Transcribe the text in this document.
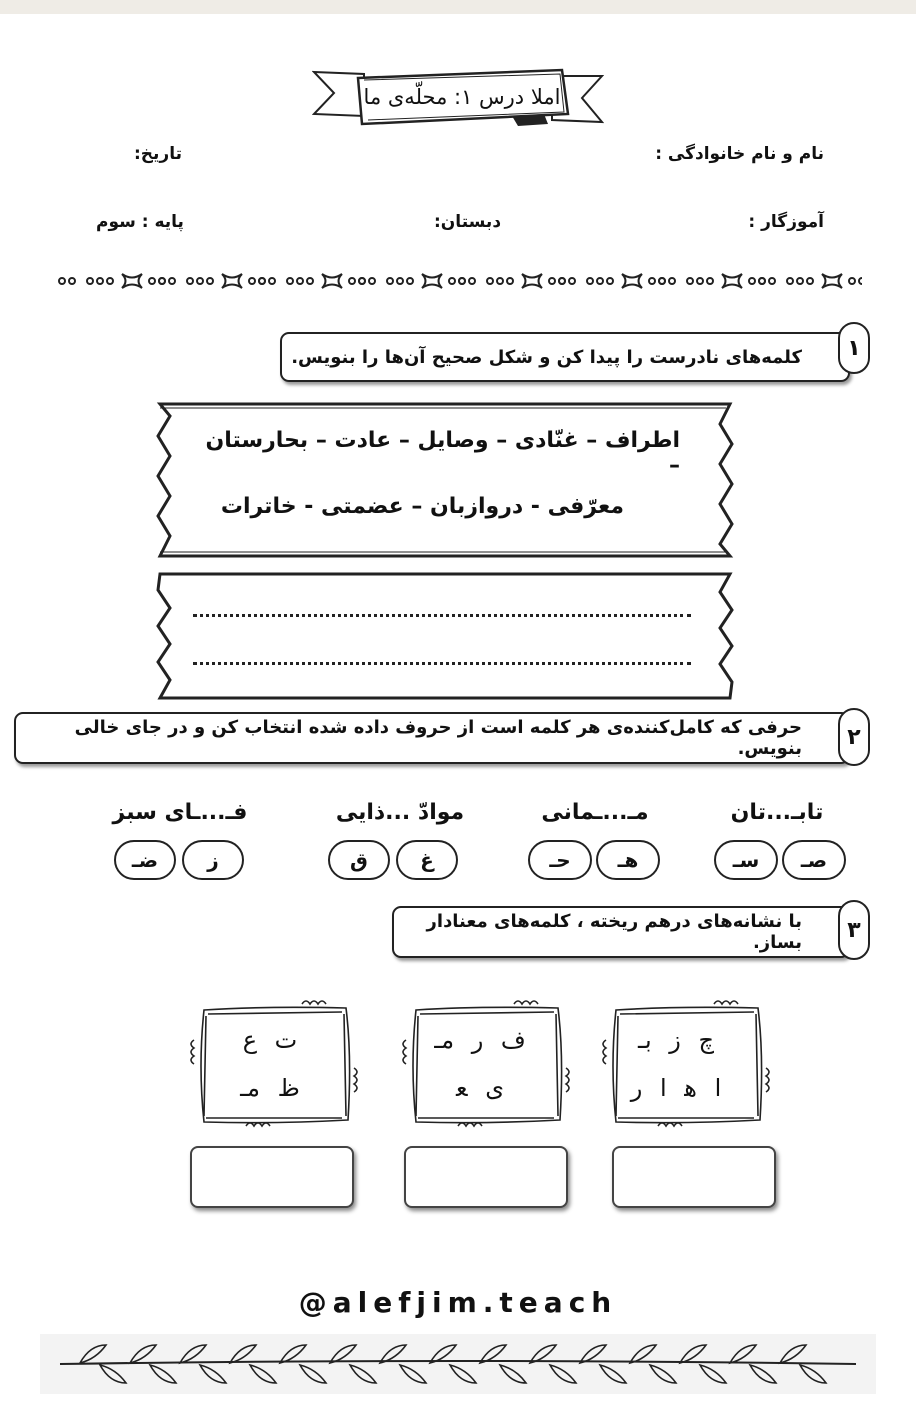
املا درس ۱: محلّه‌ی ما
نام و نام خانوادگی :
تاریخ:
آموزگار :
دبستان:
پایه : سوم
کلمه‌های نادرست را پیدا کن و شکل صحیح آن‌ها را بنویس.	۱
اطراف – غنّادی – وصایل – عادت – بحارستان –
معرّفی - دروازبان – عضمتی - خاترات
حرفی که کامل‌کننده‌ی هر کلمه است از حروف داده شده انتخاب کن و در جای خالی بنویس.	۲
تابـ...تان
صـ
سـ
مـ...ـمانی
هـ
حـ
موادّ ...ذایی
غ
ق
فـ...ـای سبز
ز
ضـ
با نشانه‌های درهم ریخته ، کلمه‌های معنادار بساز.	۳
چ ز بـ
ا ﻫ ا ر
ف ر مـ
ی ﻌ
ت ع
ظ مـ
@alefjim.teach
